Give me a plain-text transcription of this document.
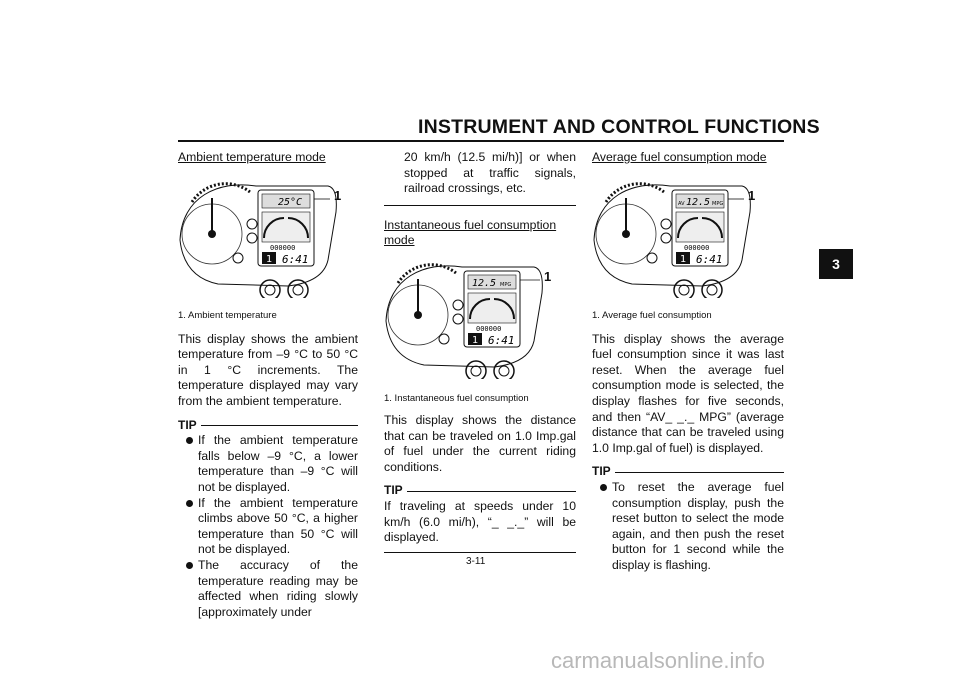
INSTRUMENT AND CONTROL FUNCTIONS
3

Ambient temperature mode

25°C
000000
1 6:41
1

1. Ambient temperature

This display shows the ambient temperature from –9 °C to 50 °C in 1 °C increments. The temperature displayed may vary from the ambient temperature.

TIP

If the ambient temperature falls below –9 °C, a lower temperature than –9 °C will not be displayed.

If the ambient temperature climbs above 50 °C, a higher temperature than 50 °C will not be displayed.

The accuracy of the temperature reading may be affected when riding slowly [approximately under

20 km/h (12.5 mi/h)] or when stopped at traffic signals, railroad crossings, etc.

Instantaneous fuel consumption mode

12.5 MPG
000000
1 6:41
1

1. Instantaneous fuel consumption

This display shows the distance that can be traveled on 1.0 Imp.gal of fuel under the current riding conditions.

TIP

If traveling at speeds under 10 km/h (6.0 mi/h), “_ _._” will be displayed.

Average fuel consumption mode

AV 12.5 MPG
000000
1 6:41
1

1. Average fuel consumption

This display shows the average fuel consumption since it was last reset. When the average fuel consumption mode is selected, the display flashes for five seconds, and then “AV_ _._ MPG” (average distance that can be traveled using 1.0 Imp.gal of fuel) is displayed.

TIP

To reset the average fuel consumption display, push the reset button to select the mode again, and then push the reset button for 1 second while the display is flashing.

3-11
carmanualsonline.info
